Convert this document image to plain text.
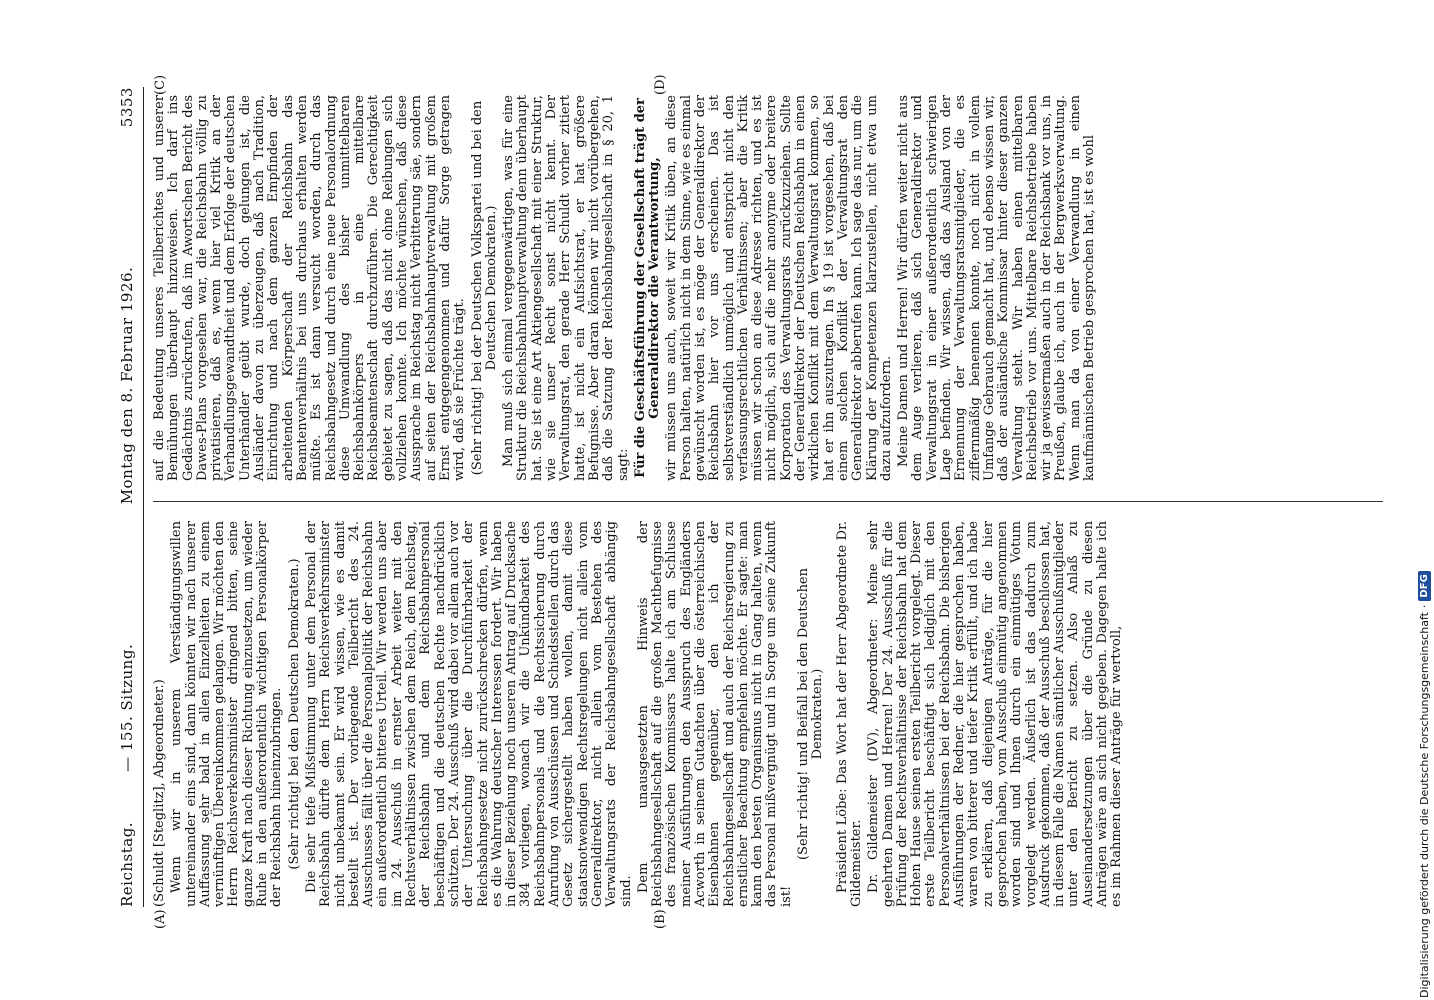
Reichstag.
— 155. Sitzung.
Montag den 8. Februar 1926.
5353
(A)	(B)
(C)	(D)

(Schuldt [Steglitz], Abgeordneter.) Wenn wir in unserem Verständigungswillen untereinander eins sind, dann könnten wir nach unserer Auffassung sehr bald in allen Einzelheiten zu einem vernünftigen Übereinkommen gelangen. Wir möchten den Herrn Reichsverkehrsminister dringend bitten, seine ganze Kraft nach dieser Richtung einzusetzen, um wieder Ruhe in den außerordentlich wichtigen Personalkörper der Reichsbahn hineinzubringen. (Sehr richtig! bei den Deutschen Demokraten.) Die sehr tiefe Mißstimmung unter dem Personal der Reichsbahn dürfte dem Herrn Reichsverkehrsminister nicht unbekannt sein. Er wird wissen, wie es damit bestellt ist. Der vorliegende Teilbericht des 24. Ausschusses fällt über die Personalpolitik der Reichsbahn ein außerordentlich bitteres Urteil. Wir werden uns aber im 24. Ausschuß in ernster Arbeit weiter mit den Rechtsverhältnissen zwischen dem Reich, dem Reichstag, der Reichsbahn und dem Reichsbahnpersonal beschäftigen und die deutschen Rechte nachdrücklich schützen. Der 24. Ausschuß wird dabei vor allem auch vor der Untersuchung über die Durchführbarkeit der Reichsbahngesetze nicht zurückschrecken dürfen, wenn es die Wahrung deutscher Interessen fordert. Wir haben in dieser Beziehung noch unseren Antrag auf Drucksache 384 vorliegen, wonach wir die Unkündbarkeit des Reichsbahnpersonals und die Rechtssicherung durch Anrufung von Ausschüssen und Schiedsstellen durch das Gesetz sichergestellt haben wollen, damit diese staatsnotwendigen Rechtsregelungen nicht allein vom Generaldirektor, nicht allein vom Bestehen des Verwaltungsrats der Reichsbahngesellschaft abhängig sind. Dem unausgesetzten Hinweis der Reichsbahngesellschaft auf die großen Machtbefugnisse des französischen Kommissars halte ich am Schlusse meiner Ausführungen den Ausspruch des Engländers Acworth in seinem Gutachten über die österreichischen Eisenbahnen gegenüber, den ich der Reichsbahngesellschaft und auch der Reichsregierung zu ernstlicher Beachtung empfehlen möchte. Er sagte: man kann den besten Organismus nicht in Gang halten, wenn das Personal mißvergnügt und in Sorge um seine Zukunft ist!

(Sehr richtig! und Beifall bei den Deutschen Demokraten.) Präsident Löbe: Das Wort hat der Herr Abgeordnete Dr. Gildemeister. Dr. Gildemeister (DV), Abgeordneter: Meine sehr geehrten Damen und Herren! Der 24. Ausschuß für die Prüfung der Rechtsverhältnisse der Reichsbahn hat dem Hohen Hause seinen ersten Teilbericht vorgelegt. Dieser erste Teilbericht beschäftigt sich lediglich mit den Personalverhältnissen bei der Reichsbahn. Die bisherigen Ausführungen der Redner, die hier gesprochen haben, waren von bitterer und tiefer Kritik erfüllt, und ich habe zu erklären, daß diejenigen Anträge, für die hier gesprochen haben, vom Ausschuß einmütig angenommen worden sind und Ihnen durch ein einmütiges Votum vorgelegt werden. Äußerlich ist das dadurch zum Ausdruck gekommen, daß der Ausschuß beschlossen hat, in diesem Falle die Namen sämtlicher Ausschußmitglieder unter den Bericht zu setzen. Also Anlaß zu Auseinandersetzungen über die Gründe zu diesen Anträgen wäre an sich nicht gegeben. Dagegen halte ich es im Rahmen dieser Anträge für wertvoll,

auf die Bedeutung unseres Teilberichtes und unserer Bemühungen überhaupt hinzuweisen. Ich darf ins Gedächtnis zurückrufen, daß im Awortschen Bericht des Dawes-Plans vorgesehen war, die Reichsbahn völlig zu privatisieren, daß es, wenn hier viel Kritik an der Verhandlungsgewandtheit und dem Erfolge der deutschen Unterhändler geübt wurde, doch gelungen ist, die Ausländer davon zu überzeugen, daß nach Tradition, Einrichtung und nach dem ganzen Empfinden der arbeitenden Körperschaft der Reichsbahn das Beamtenverhältnis bei uns durchaus erhalten werden müßte. Es ist dann versucht worden, durch das Reichsbahngesetz und durch eine neue Personalordnung diese Umwandlung des bisher unmittelbaren Reichsbahnkörpers in eine mittelbare Reichsbeamtenschaft durchzuführen. Die Gerechtigkeit gebietet zu sagen, daß das nicht ohne Reibungen sich vollziehen konnte. Ich möchte wünschen, daß diese Aussprache im Reichstag nicht Verbitterung säe, sondern auf seiten der Reichsbahnhauptverwaltung mit großem Ernst entgegengenommen und dafür Sorge getragen wird, daß sie Früchte trägt. (Sehr richtig! bei der Deutschen Volkspartei und bei den Deutschen Demokraten.) Man muß sich einmal vergegenwärtigen, was für eine Struktur die Reichsbahnhauptverwaltung denn überhaupt hat. Sie ist eine Art Aktiengesellschaft mit einer Struktur, wie sie unser Recht sonst nicht kennt. Der Verwaltungsrat, den gerade Herr Schuldt vorher zitiert hatte, ist nicht ein Aufsichtsrat, er hat größere Befugnisse. Aber daran können wir nicht vorübergehen, daß die Satzung der Reichsbahngesellschaft in § 20, 1 sagt: Für die Geschäftsführung der Gesellschaft trägt der Generaldirektor die Verantwortung, wir müssen uns auch, soweit wir Kritik üben, an diese Person halten, natürlich nicht in dem Sinne, wie es einmal gewünscht worden ist, es möge der Generaldirektor der Reichsbahn hier vor uns erscheinen. Das ist selbstverständlich unmöglich und entspricht nicht den verfassungsrechtlichen Verhältnissen; aber die Kritik müssen wir schon an diese Adresse richten, und es ist nicht möglich, sich auf die mehr anonyme oder breitere Korporation des Verwaltungsrats zurückzuziehen. Sollte der Generaldirektor der Deutschen Reichsbahn in einen wirklichen Konflikt mit dem Verwaltungsrat kommen, so hat er ihn auszutragen. In § 19 ist vorgesehen, daß bei einem solchen Konflikt der Verwaltungsrat den Generaldirektor abberufen kann. Ich sage das nur, um die Klärung der Kompetenzen klarzustellen, nicht etwa um dazu aufzufordern. Meine Damen und Herren! Wir dürfen weiter nicht aus dem Auge verlieren, daß sich Generaldirektor und Verwaltungsrat in einer außerordentlich schwierigen Lage befinden. Wir wissen, daß das Ausland von der Ernennung der Verwaltungsratsmitglieder, die es ziffernmäßig benennen konnte, noch nicht in vollem Umfange Gebrauch gemacht hat, und ebenso wissen wir, daß der ausländische Kommissar hinter dieser ganzen Verwaltung steht. Wir haben einen mittelbaren Reichsbetrieb vor uns. Mittelbare Reichsbetriebe haben wir ja gewissermaßen auch in der Reichsbank vor uns, in Preußen, glaube ich, auch in der Bergwerksverwaltung. Wenn man da von einer Verwandlung in einen kaufmännischen Betrieb gesprochen hat, ist es wohl

Digitalisierung gefördert durch die Deutsche Forschungsgemeinschaft
·
DFG
